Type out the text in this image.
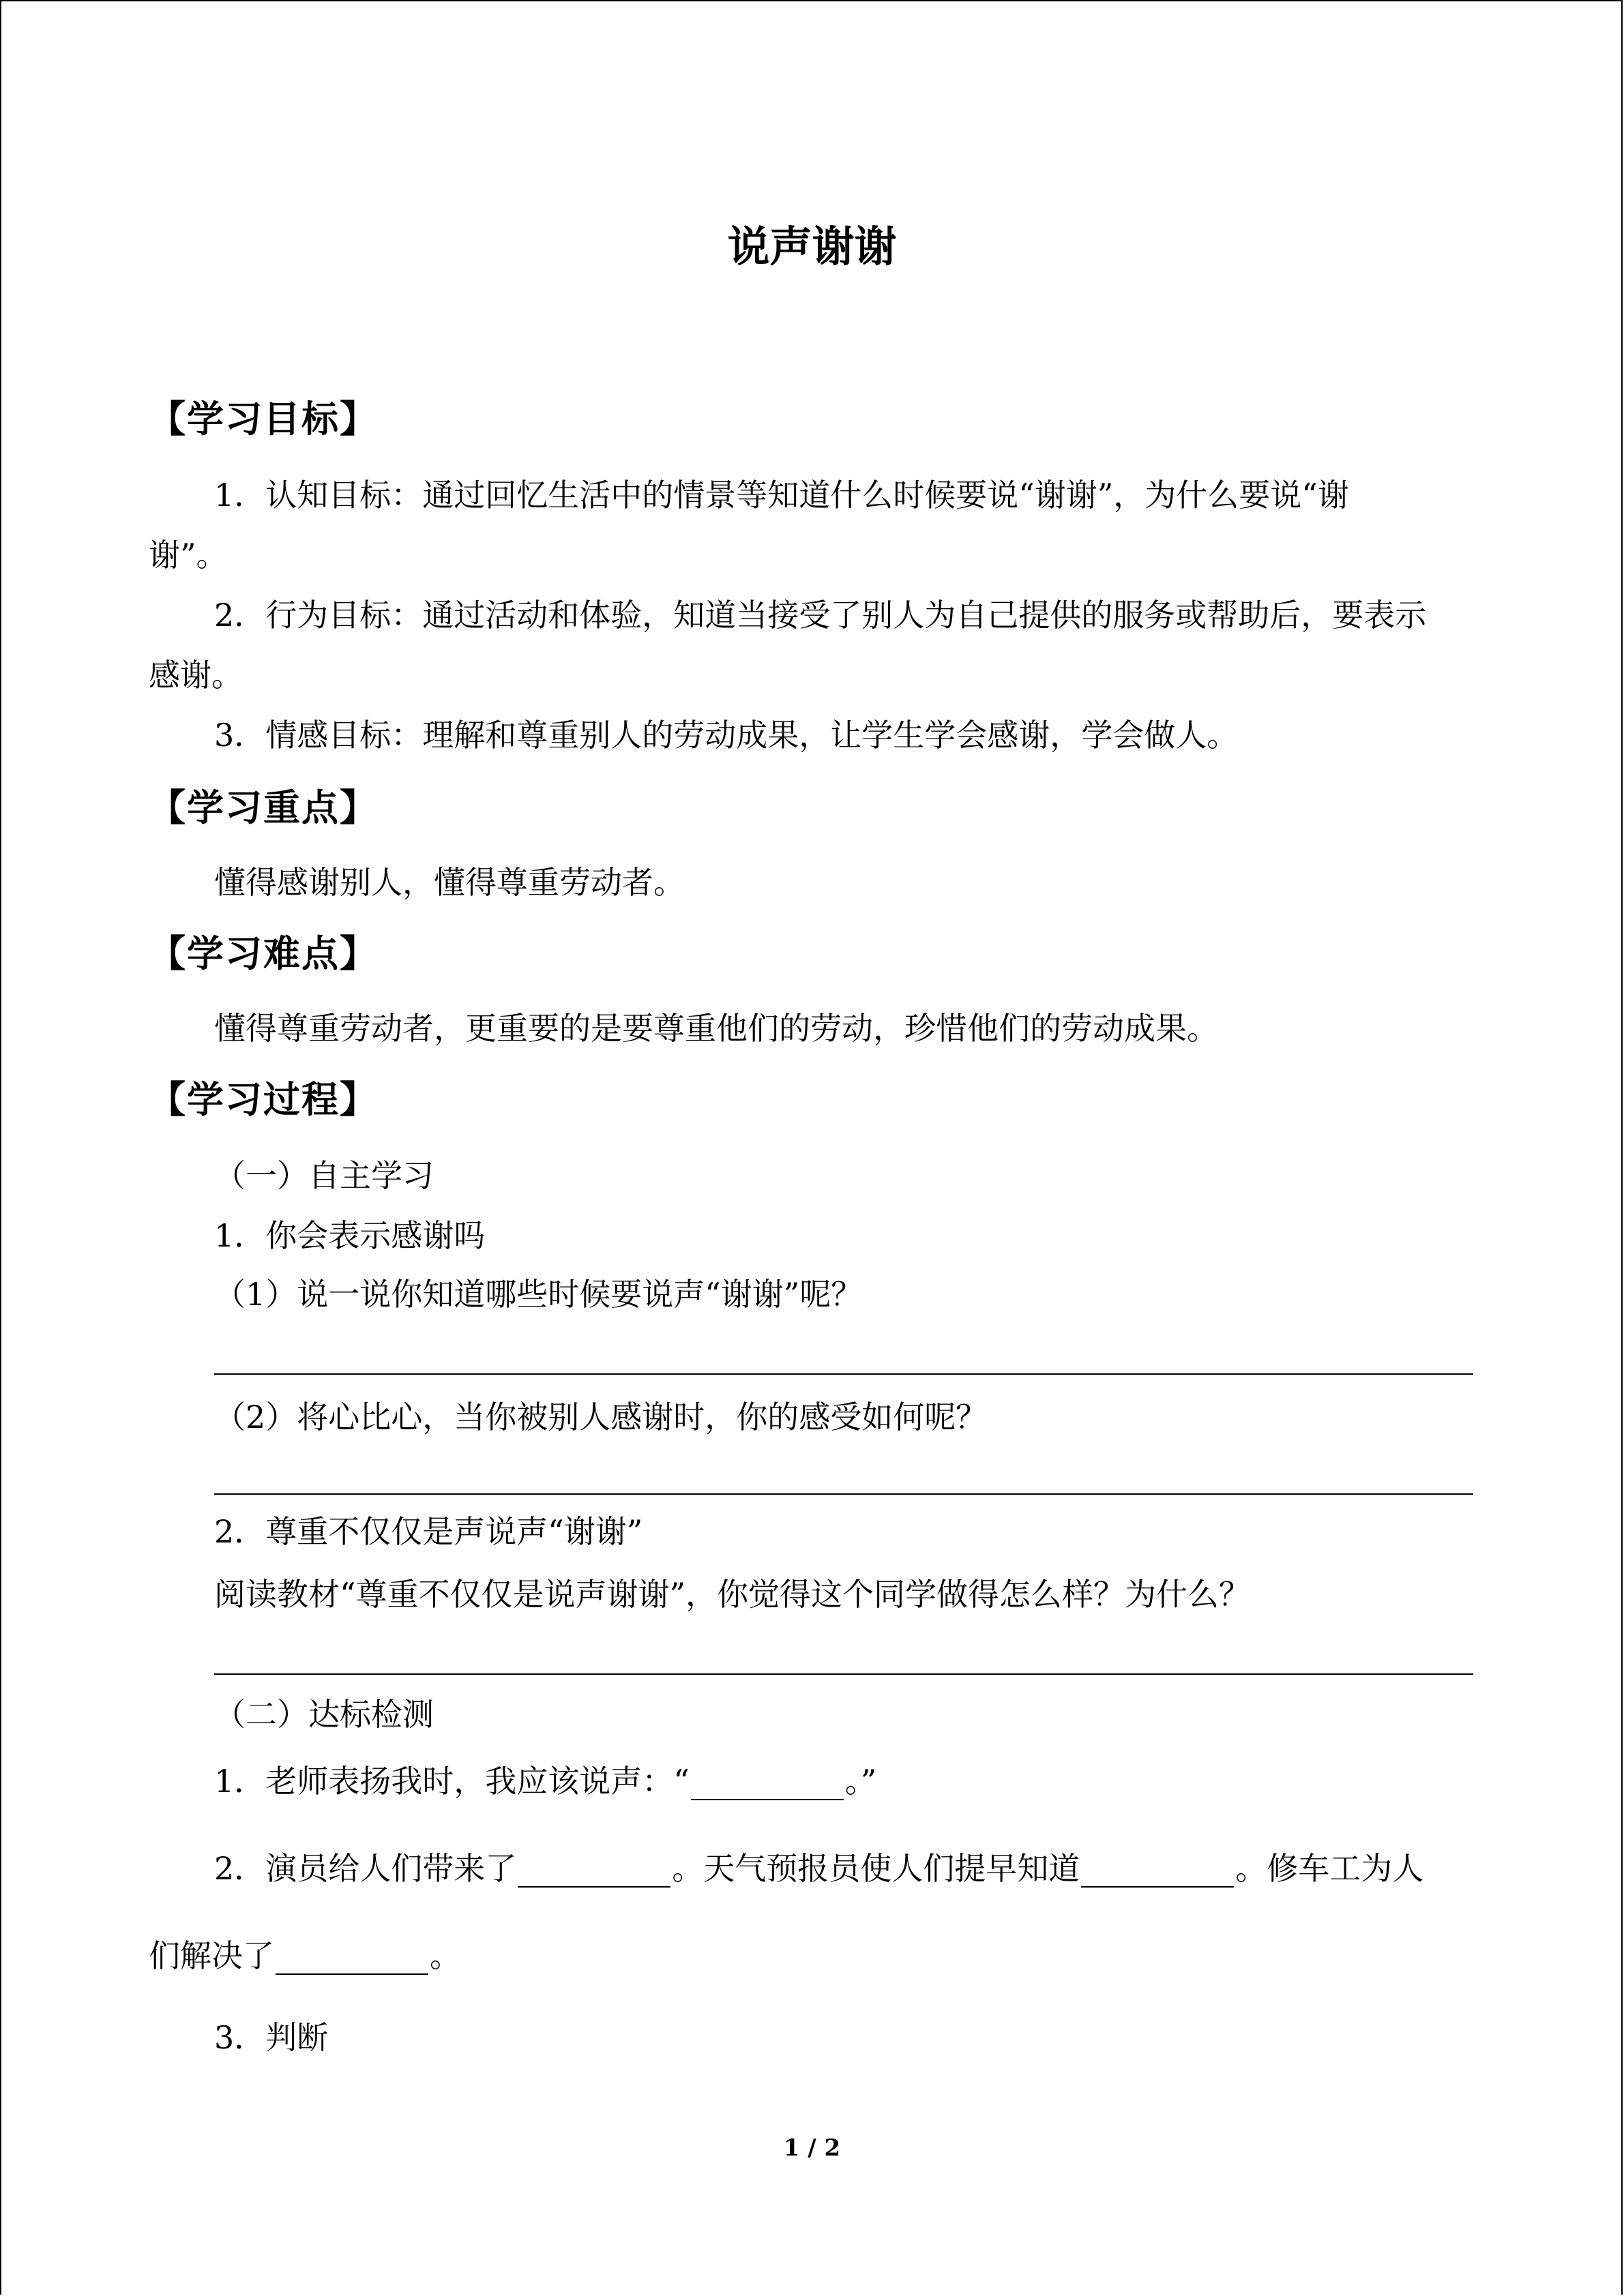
说声谢谢
【学习目标】
1．认知目标：通过回忆生活中的情景等知道什么时候要说“谢谢”，为什么要说“谢
谢”。
2．行为目标：通过活动和体验，知道当接受了别人为自己提供的服务或帮助后，要表示
感谢。
3．情感目标：理解和尊重别人的劳动成果，让学生学会感谢，学会做人。
【学习重点】
懂得感谢别人，懂得尊重劳动者。
【学习难点】
懂得尊重劳动者，更重要的是要尊重他们的劳动，珍惜他们的劳动成果。
【学习过程】
（一）自主学习
1．你会表示感谢吗
（1）说一说你知道哪些时候要说声“谢谢”呢？
（2）将心比心，当你被别人感谢时，你的感受如何呢？
2．尊重不仅仅是声说声“谢谢”
阅读教材“尊重不仅仅是说声谢谢”，你觉得这个同学做得怎么样？为什么？
（二）达标检测
1．老师表扬我时，我应该说声：“	。”
2．演员给人们带来了	。天气预报员使人们提早知道	。修车工为人
们解决了	。
3．判断
1 / 2
